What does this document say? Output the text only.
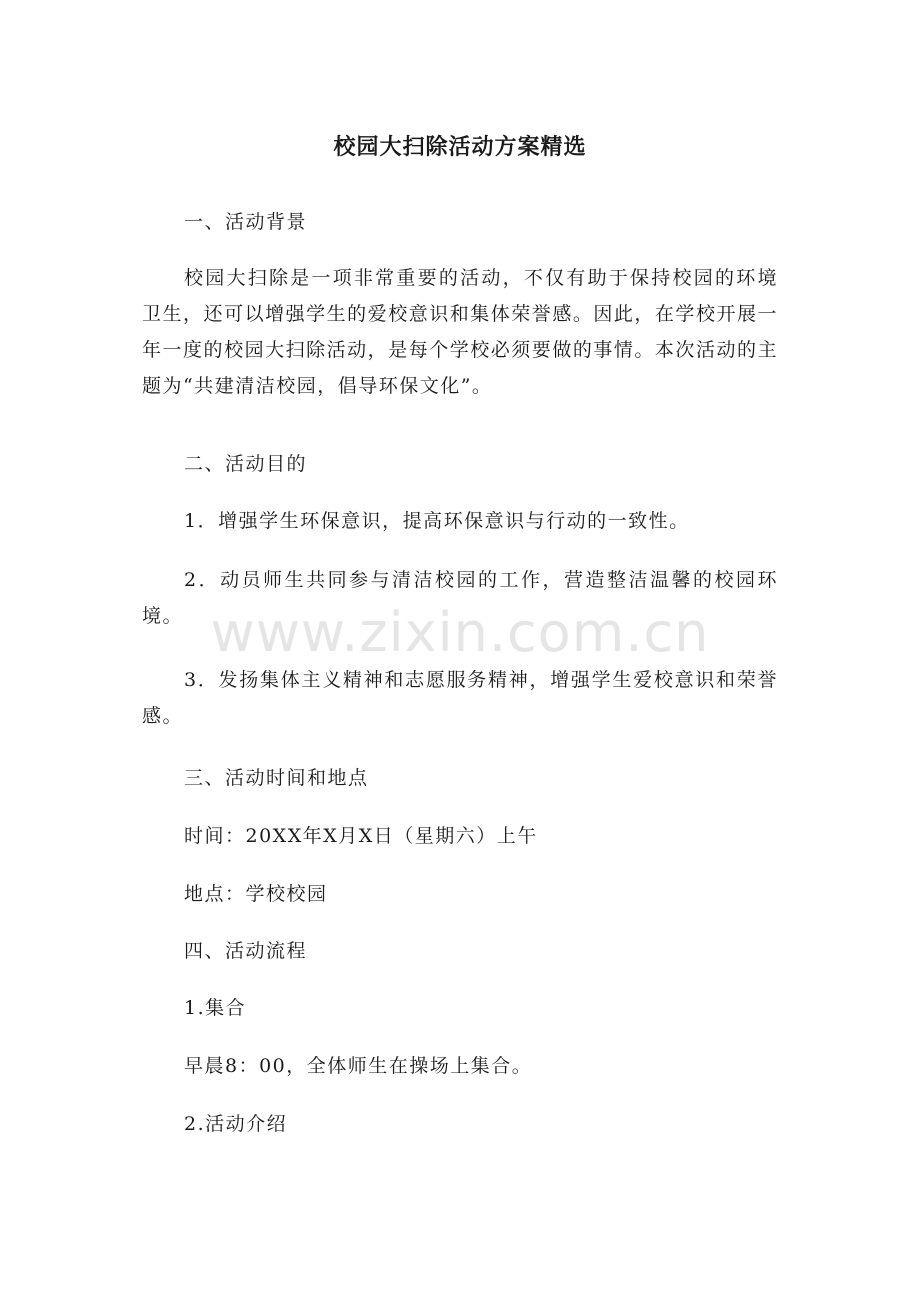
校园大扫除活动方案精选

一、活动背景

校园大扫除是一项非常重要的活动，不仅有助于保持校园的环境卫生，还可以增强学生的爱校意识和集体荣誉感。因此，在学校开展一年一度的校园大扫除活动，是每个学校必须要做的事情。本次活动的主题为“共建清洁校园，倡导环保文化”。

二、活动目的

1．增强学生环保意识，提高环保意识与行动的一致性。

2．动员师生共同参与清洁校园的工作，营造整洁温馨的校园环境。

3．发扬集体主义精神和志愿服务精神，增强学生爱校意识和荣誉感。

三、活动时间和地点

时间：20XX年X月X日（星期六）上午

地点：学校校园

四、活动流程

1.集合

早晨8：00，全体师生在操场上集合。

2.活动介绍

www.zixin.com.cn
